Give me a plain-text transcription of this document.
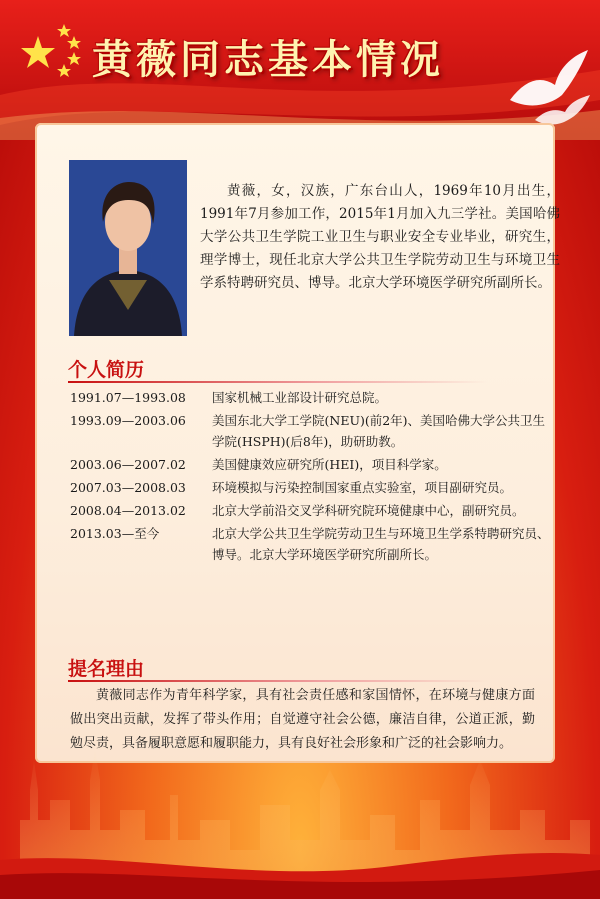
黄薇同志基本情况
黄薇，女，汉族，广东台山人，1969年10月出生，1991年7月参加工作，2015年1月加入九三学社。美国哈佛大学公共卫生学院工业卫生与职业安全专业毕业，研究生，理学博士，现任北京大学公共卫生学院劳动卫生与环境卫生学系特聘研究员、博导。北京大学环境医学研究所副所长。
个人简历
1991.07—1993.08	国家机械工业部设计研究总院。
1993.09—2003.06	美国东北大学工学院(NEU)(前2年)、美国哈佛大学公共卫生学院(HSPH)(后8年)，助研助教。
2003.06—2007.02	美国健康效应研究所(HEI)，项目科学家。
2007.03—2008.03	环境模拟与污染控制国家重点实验室，项目副研究员。
2008.04—2013.02	北京大学前沿交叉学科研究院环境健康中心，副研究员。
2013.03—至今	北京大学公共卫生学院劳动卫生与环境卫生学系特聘研究员、博导。北京大学环境医学研究所副所长。
提名理由
黄薇同志作为青年科学家，具有社会责任感和家国情怀，在环境与健康方面做出突出贡献，发挥了带头作用；自觉遵守社会公德，廉洁自律，公道正派，勤勉尽责，具备履职意愿和履职能力，具有良好社会形象和广泛的社会影响力。
